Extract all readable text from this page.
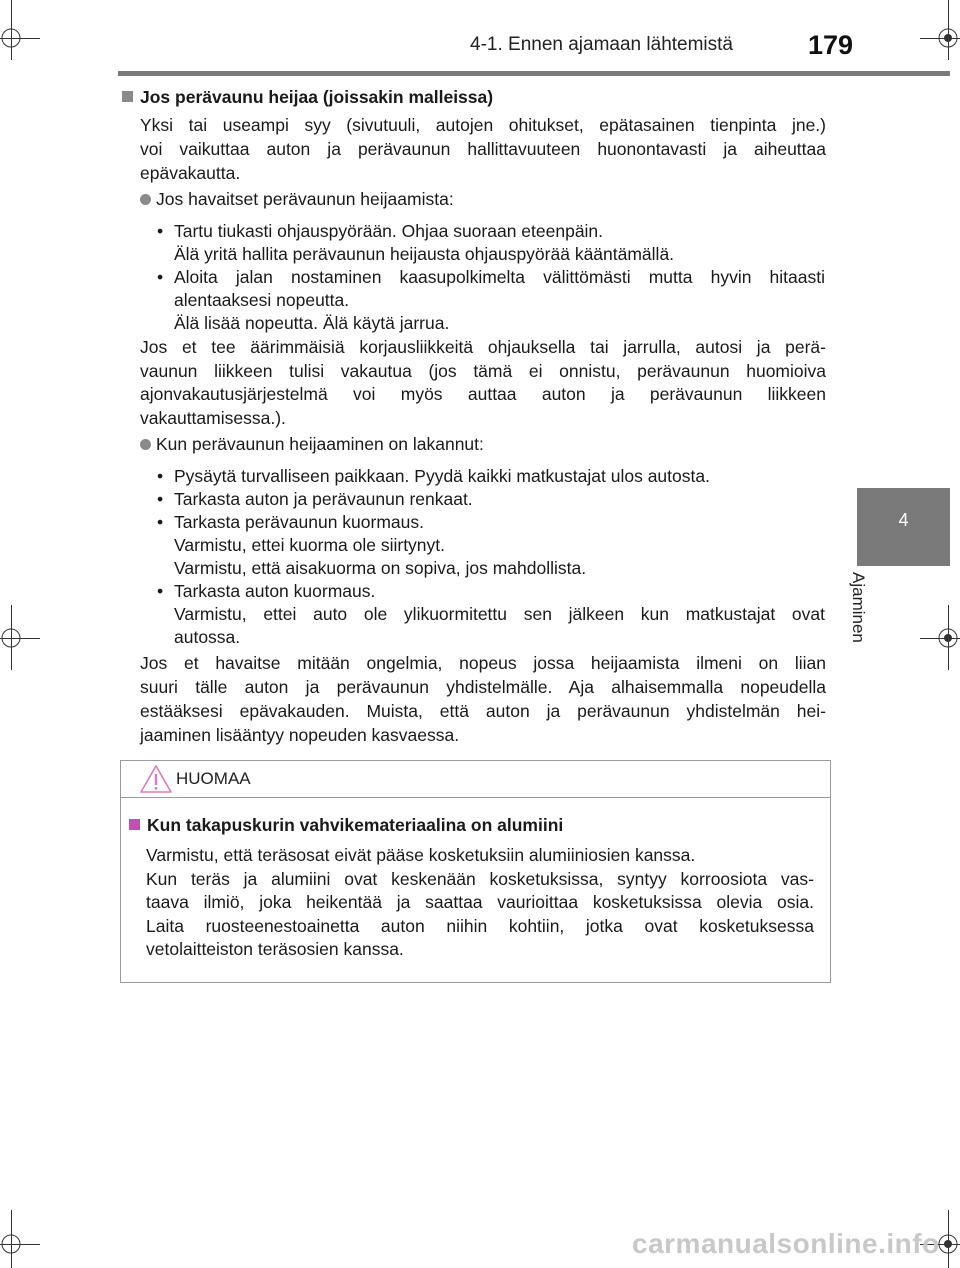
4-1. Ennen ajamaan lähtemistä	179
4
Ajaminen
Jos perävaunu heijaa (joissakin malleissa)
Yksi tai useampi syy (sivutuuli, autojen ohitukset, epätasainen tienpinta jne.)
voi vaikuttaa auton ja perävaunun hallittavuuteen huonontavasti ja aiheuttaa
epävakautta.
Jos havaitset perävaunun heijaamista:
• Tartu tiukasti ohjauspyörään. Ohjaa suoraan eteenpäin.
Älä yritä hallita perävaunun heijausta ohjauspyörää kääntämällä.
• Aloita jalan nostaminen kaasupolkimelta välittömästi mutta hyvin hitaasti
alentaaksesi nopeutta.
Älä lisää nopeutta. Älä käytä jarrua.
Jos et tee äärimmäisiä korjausliikkeitä ohjauksella tai jarrulla, autosi ja perä-
vaunun liikkeen tulisi vakautua (jos tämä ei onnistu, perävaunun huomioiva
ajonvakautusjärjestelmä voi myös auttaa auton ja perävaunun liikkeen
vakauttamisessa.).
Kun perävaunun heijaaminen on lakannut:
• Pysäytä turvalliseen paikkaan. Pyydä kaikki matkustajat ulos autosta.
• Tarkasta auton ja perävaunun renkaat.
• Tarkasta perävaunun kuormaus.
Varmistu, ettei kuorma ole siirtynyt.
Varmistu, että aisakuorma on sopiva, jos mahdollista.
• Tarkasta auton kuormaus.
Varmistu, ettei auto ole ylikuormitettu sen jälkeen kun matkustajat ovat
autossa.
Jos et havaitse mitään ongelmia, nopeus jossa heijaamista ilmeni on liian
suuri tälle auton ja perävaunun yhdistelmälle. Aja alhaisemmalla nopeudella
estääksesi epävakauden. Muista, että auton ja perävaunun yhdistelmän hei-
jaaminen lisääntyy nopeuden kasvaessa.
HUOMAA
Kun takapuskurin vahvikemateriaalina on alumiini
Varmistu, että teräsosat eivät pääse kosketuksiin alumiiniosien kanssa.
Kun teräs ja alumiini ovat keskenään kosketuksissa, syntyy korroosiota vas-
taava ilmiö, joka heikentää ja saattaa vaurioittaa kosketuksissa olevia osia.
Laita ruosteenestoainetta auton niihin kohtiin, jotka ovat kosketuksessa
vetolaitteiston teräsosien kanssa.
carmanualsonline.info
